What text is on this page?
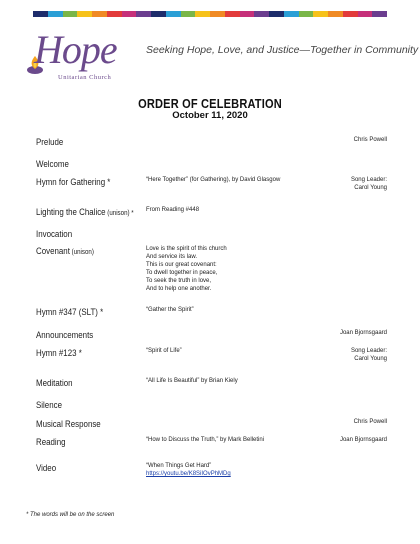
Hope
Unitarian Church
Seeking Hope, Love, and Justice—Together in Community
ORDER OF CELEBRATION
October 11, 2020
Prelude	Chris Powell
Welcome
Hymn for Gathering *	“Here Together” (for Gathering), by David Glasgow	Song Leader:
Carol Young
Lighting the Chalice (unison) * From Reading #448
Invocation
Covenant (unison)	Love is the spirit of this church
And service its law.
This is our great covenant:
To dwell together in peace,
To seek the truth in love,
And to help one another.
Hymn #347 (SLT) *	“Gather the Spirit”
Announcements	Joan Bjornsgaard
Hymn #123 *	“Spirit of Life”	Song Leader:
Carol Young
Meditation	“All Life Is Beautiful” by Brian Kiely
Silence
Musical Response	Chris Powell
Reading	“How to Discuss the Truth,” by Mark Belletini	Joan Bjornsgaard
Video	“When Things Get Hard”
https://youtu.be/K8SiIOvPhMDg
* The words will be on the screen
